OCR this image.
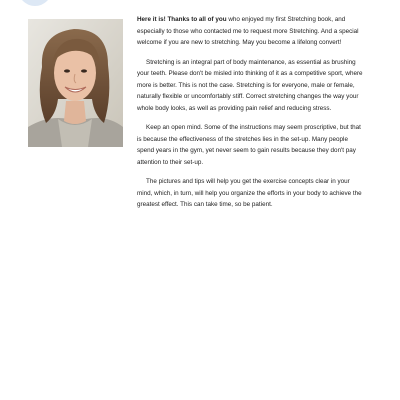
Here it is! Thanks to all of you who enjoyed my first Stretching book, and especially to those who contacted me to request more Stretching. And a special welcome if you are new to stretching. May you become a lifelong convert!

Stretching is an integral part of body maintenance, as essential as brushing your teeth. Please don't be misled into thinking of it as a competitive sport, where more is better. This is not the case. Stretching is for everyone, male or female, naturally flexible or uncomfortably stiff. Correct stretching changes the way your whole body looks, as well as providing pain relief and reducing stress.

Keep an open mind. Some of the instructions may seem proscriptive, but that is because the effectiveness of the stretches lies in the set-up. Many people spend years in the gym, yet never seem to gain results because they don't pay attention to their set-up.

The pictures and tips will help you get the exercise concepts clear in your mind, which, in turn, will help you organize the efforts in your body to achieve the greatest effect. This can take time, so be patient.
